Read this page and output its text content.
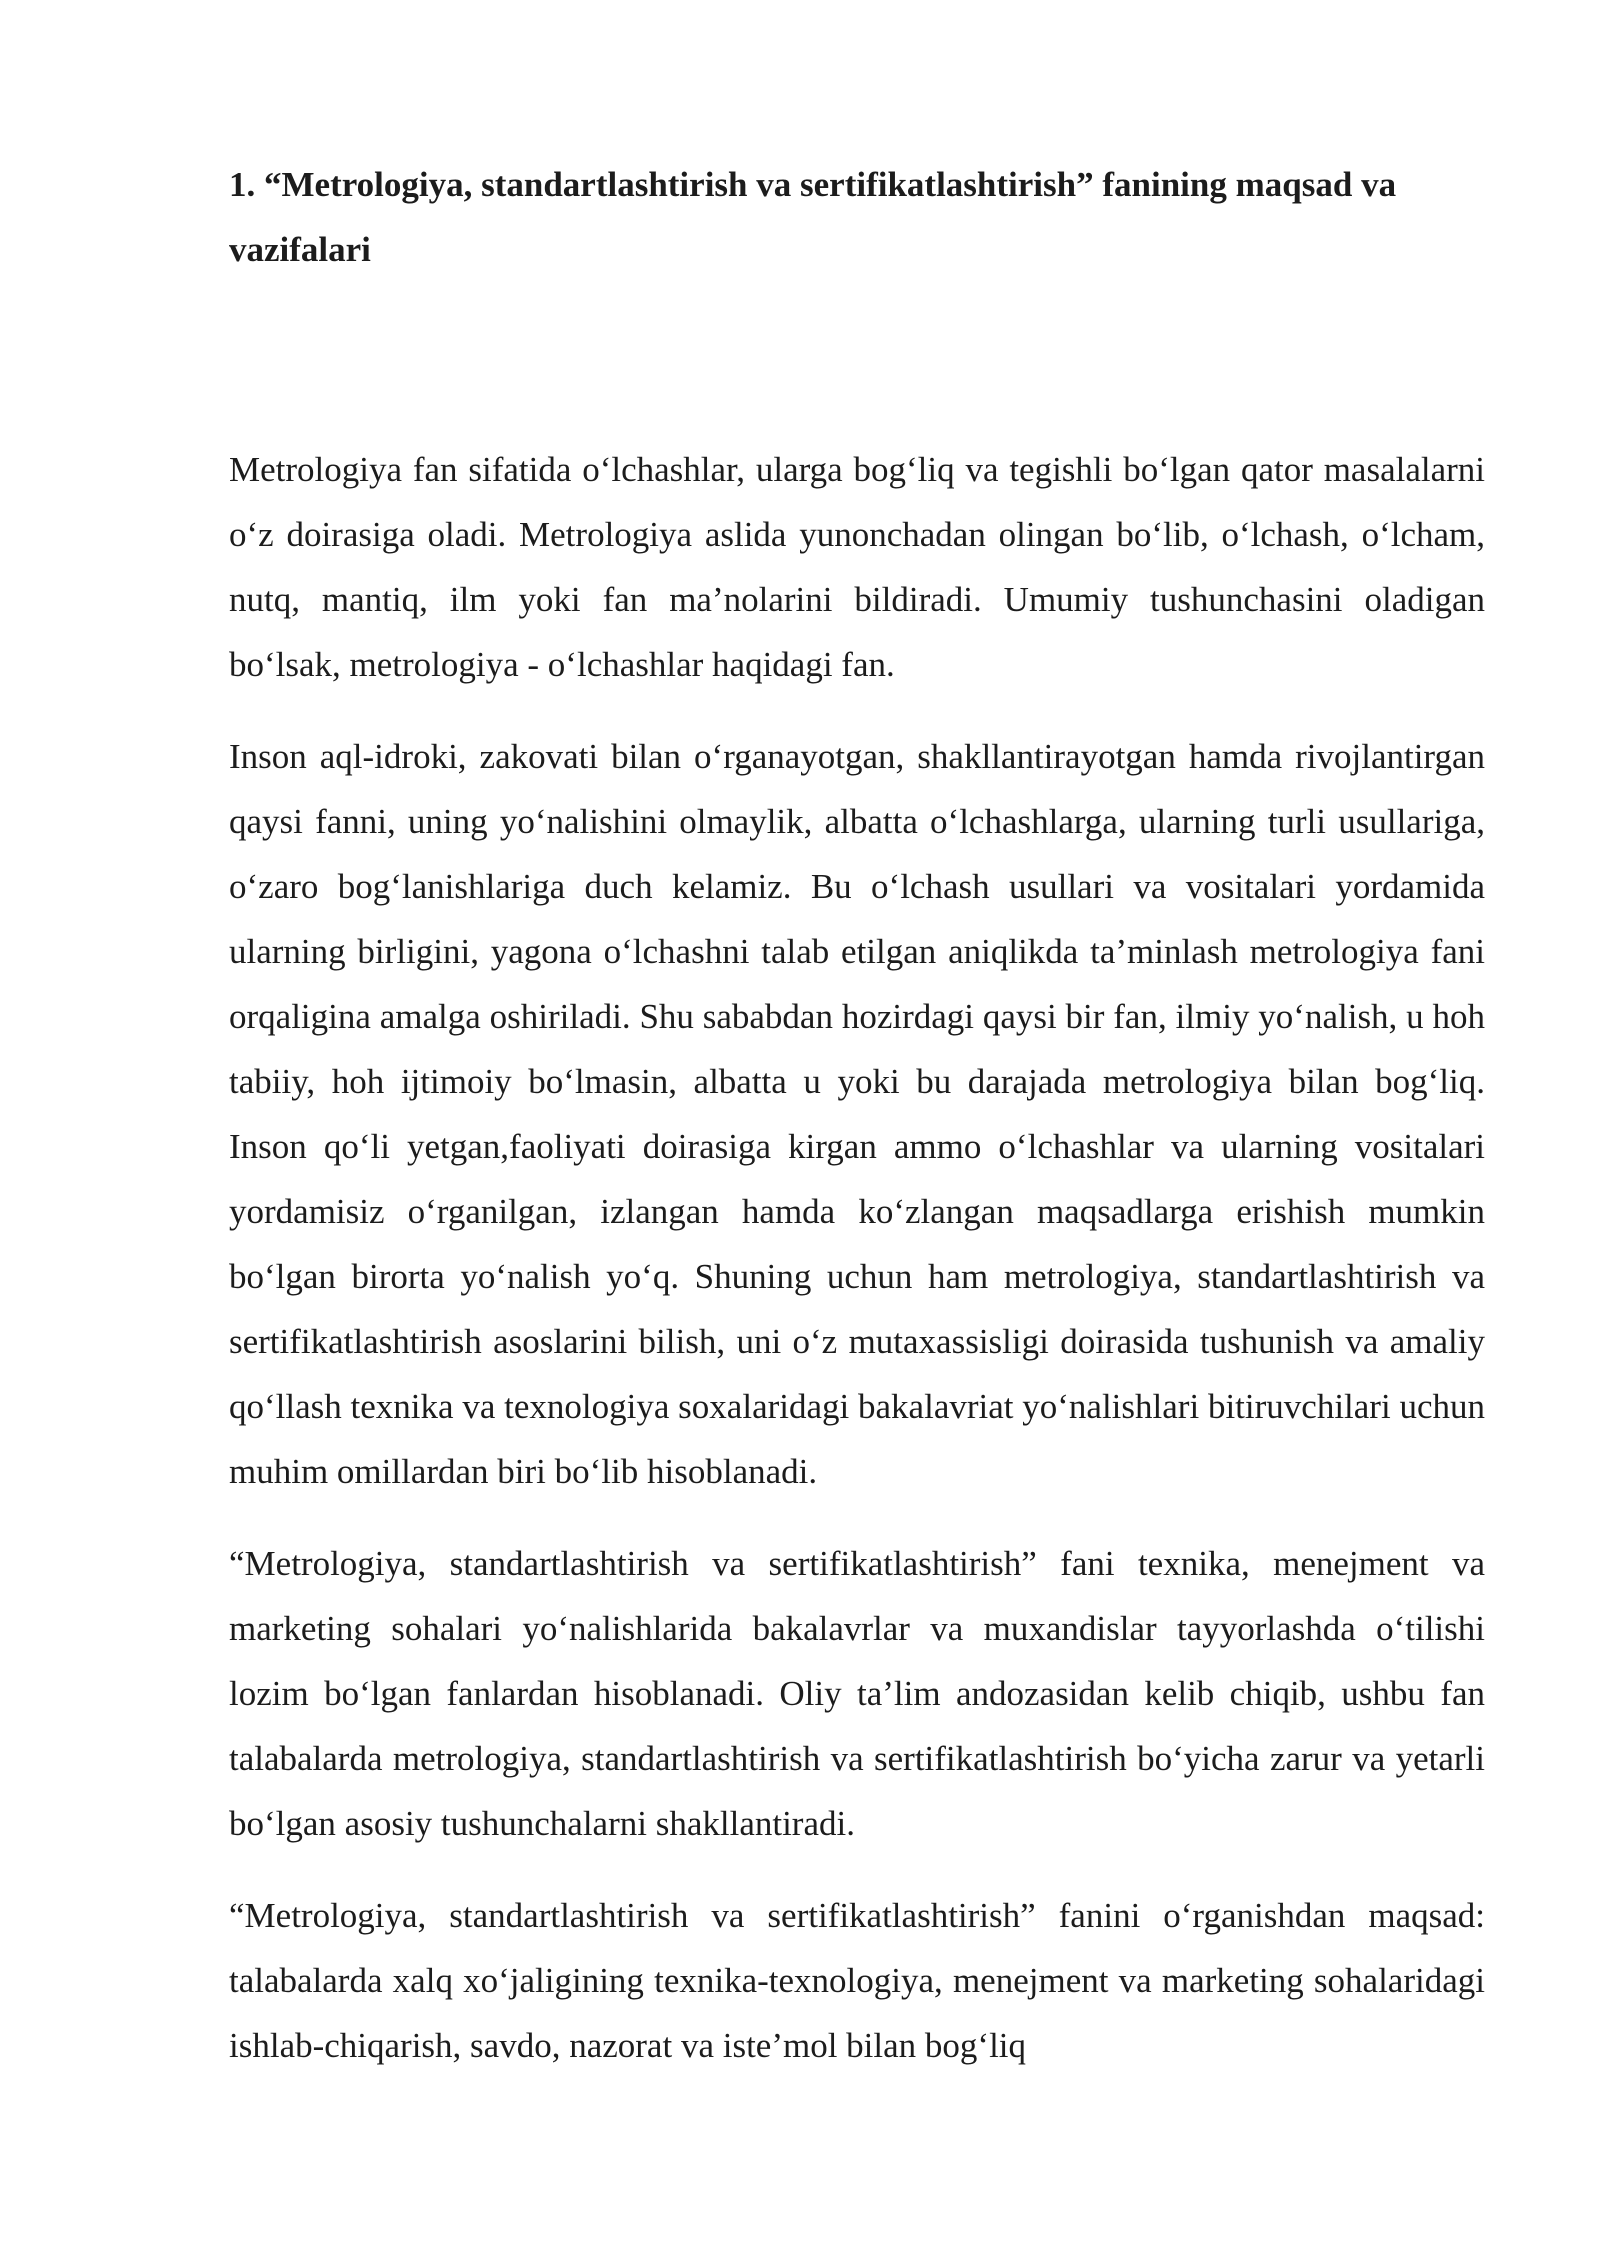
1. “Metrologiya, standartlashtirish va sertifikatlashtirish” fanining maqsad va vazifalari

Metrologiya fan sifatida o‘lchashlar, ularga bog‘liq va tegishli bo‘lgan qator masalalarni o‘z doirasiga oladi. Metrologiya aslida yunonchadan olingan bo‘lib, o‘lchash, o‘lcham, nutq, mantiq, ilm yoki fan ma’nolarini bildiradi. Umumiy tushunchasini oladigan bo‘lsak, metrologiya - o‘lchashlar haqidagi fan.

Inson aql-idroki, zakovati bilan o‘rganayotgan, shakllantirayotgan hamda rivojlantirgan qaysi fanni, uning yo‘nalishini olmaylik, albatta o‘lchashlarga, ularning turli usullariga, o‘zaro bog‘lanishlariga duch kelamiz. Bu o‘lchash usullari va vositalari yordamida ularning birligini, yagona o‘lchashni talab etilgan aniqlikda ta’minlash metrologiya fani orqaligina amalga oshiriladi. Shu sababdan hozirdagi qaysi bir fan, ilmiy yo‘nalish, u hoh tabiiy, hoh ijtimoiy bo‘lmasin, albatta u yoki bu darajada metrologiya bilan bog‘liq. Inson qo‘li yetgan,faoliyati doirasiga kirgan ammo o‘lchashlar va ularning vositalari yordamisiz o‘rganilgan, izlangan hamda ko‘zlangan maqsadlarga erishish mumkin bo‘lgan birorta yo‘nalish yo‘q. Shuning uchun ham metrologiya, standartlashtirish va sertifikatlashtirish asoslarini bilish, uni o‘z mutaxassisligi doirasida tushunish va amaliy qo‘llash texnika va texnologiya soxalaridagi bakalavriat yo‘nalishlari bitiruvchilari uchun muhim omillardan biri bo‘lib hisoblanadi.

“Metrologiya, standartlashtirish va sertifikatlashtirish” fani texnika, menejment va marketing sohalari yo‘nalishlarida bakalavrlar va muxandislar tayyorlashda o‘tilishi lozim bo‘lgan fanlardan hisoblanadi. Oliy ta’lim andozasidan kelib chiqib, ushbu fan talabalarda metrologiya, standartlashtirish va sertifikatlashtirish bo‘yicha zarur va yetarli bo‘lgan asosiy tushunchalarni shakllantiradi.

“Metrologiya, standartlashtirish va sertifikatlashtirish” fanini o‘rganishdan maqsad: talabalarda xalq xo‘jaligining texnika-texnologiya, menejment va marketing sohalaridagi ishlab-chiqarish, savdo, nazorat va iste’mol bilan bog‘liq
